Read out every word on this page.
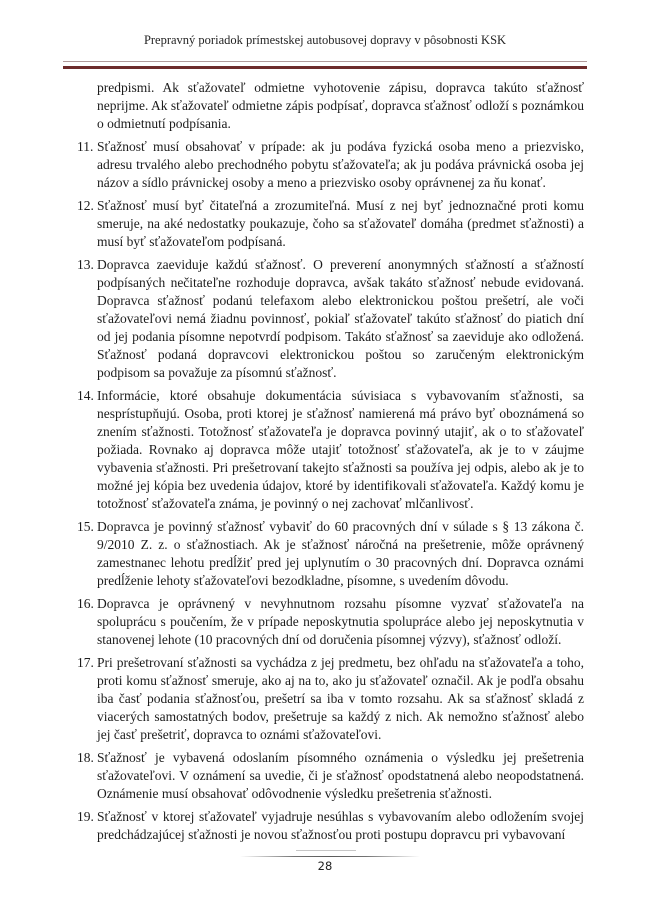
Prepravný poriadok prímestskej autobusovej dopravy v pôsobnosti KSK

predpismi. Ak sťažovateľ odmietne vyhotovenie zápisu, dopravca takúto sťažnosť neprijme. Ak sťažovateľ odmietne zápis podpísať, dopravca sťažnosť odloží s poznámkou o odmietnutí podpísania.

11. Sťažnosť musí obsahovať v prípade: ak ju podáva fyzická osoba meno a priezvisko, adresu trvalého alebo prechodného pobytu sťažovateľa; ak ju podáva právnická osoba jej názov a sídlo právnickej osoby a meno a priezvisko osoby oprávnenej za ňu konať.
12. Sťažnosť musí byť čitateľná a zrozumiteľná. Musí z nej byť jednoznačné proti komu smeruje, na aké nedostatky poukazuje, čoho sa sťažovateľ domáha (predmet sťažnosti) a musí byť sťažovateľom podpísaná.
13. Dopravca zaeviduje každú sťažnosť. O preverení anonymných sťažností a sťažností podpísaných nečitateľne rozhoduje dopravca, avšak takáto sťažnosť nebude evidovaná. Dopravca sťažnosť podanú telefaxom alebo elektronickou poštou prešetrí, ale voči sťažovateľovi nemá žiadnu povinnosť, pokiaľ sťažovateľ takúto sťažnosť do piatich dní od jej podania písomne nepotvrdí podpisom. Takáto sťažnosť sa zaeviduje ako odložená. Sťažnosť podaná dopravcovi elektronickou poštou so zaručeným elektronickým podpisom sa považuje za písomnú sťažnosť.
14. Informácie, ktoré obsahuje dokumentácia súvisiaca s vybavovaním sťažnosti, sa nesprístupňujú. Osoba, proti ktorej je sťažnosť namierená má právo byť oboznámená so znením sťažnosti. Totožnosť sťažovateľa je dopravca povinný utajiť, ak o to sťažovateľ požiada. Rovnako aj dopravca môže utajiť totožnosť sťažovateľa, ak je to v záujme vybavenia sťažnosti. Pri prešetrovaní takejto sťažnosti sa používa jej odpis, alebo ak je to možné jej kópia bez uvedenia údajov, ktoré by identifikovali sťažovateľa. Každý komu je totožnosť sťažovateľa známa, je povinný o nej zachovať mlčanlivosť.
15. Dopravca je povinný sťažnosť vybaviť do 60 pracovných dní v súlade s § 13 zákona č. 9/2010 Z. z. o sťažnostiach. Ak je sťažnosť náročná na prešetrenie, môže oprávnený zamestnanec lehotu predĺžiť pred jej uplynutím o 30 pracovných dní. Dopravca oznámi predĺženie lehoty sťažovateľovi bezodkladne, písomne, s uvedením dôvodu.
16. Dopravca je oprávnený v nevyhnutnom rozsahu písomne vyzvať sťažovateľa na spoluprácu s poučením, že v prípade neposkytnutia spolupráce alebo jej neposkytnutia v stanovenej lehote (10 pracovných dní od doručenia písomnej výzvy), sťažnosť odloží.
17. Pri prešetrovaní sťažnosti sa vychádza z jej predmetu, bez ohľadu na sťažovateľa a toho, proti komu sťažnosť smeruje, ako aj na to, ako ju sťažovateľ označil. Ak je podľa obsahu iba časť podania sťažnosťou, prešetrí sa iba v tomto rozsahu. Ak sa sťažnosť skladá z viacerých samostatných bodov, prešetruje sa každý z nich. Ak nemožno sťažnosť alebo jej časť prešetriť, dopravca to oznámi sťažovateľovi.
18. Sťažnosť je vybavená odoslaním písomného oznámenia o výsledku jej prešetrenia sťažovateľovi. V oznámení sa uvedie, či je sťažnosť opodstatnená alebo neopodstatnená. Oznámenie musí obsahovať odôvodnenie výsledku prešetrenia sťažnosti.
19. Sťažnosť v ktorej sťažovateľ vyjadruje nesúhlas s vybavovaním alebo odložením svojej predchádzajúcej sťažnosti je novou sťažnosťou proti postupu dopravcu pri vybavovaní
28
